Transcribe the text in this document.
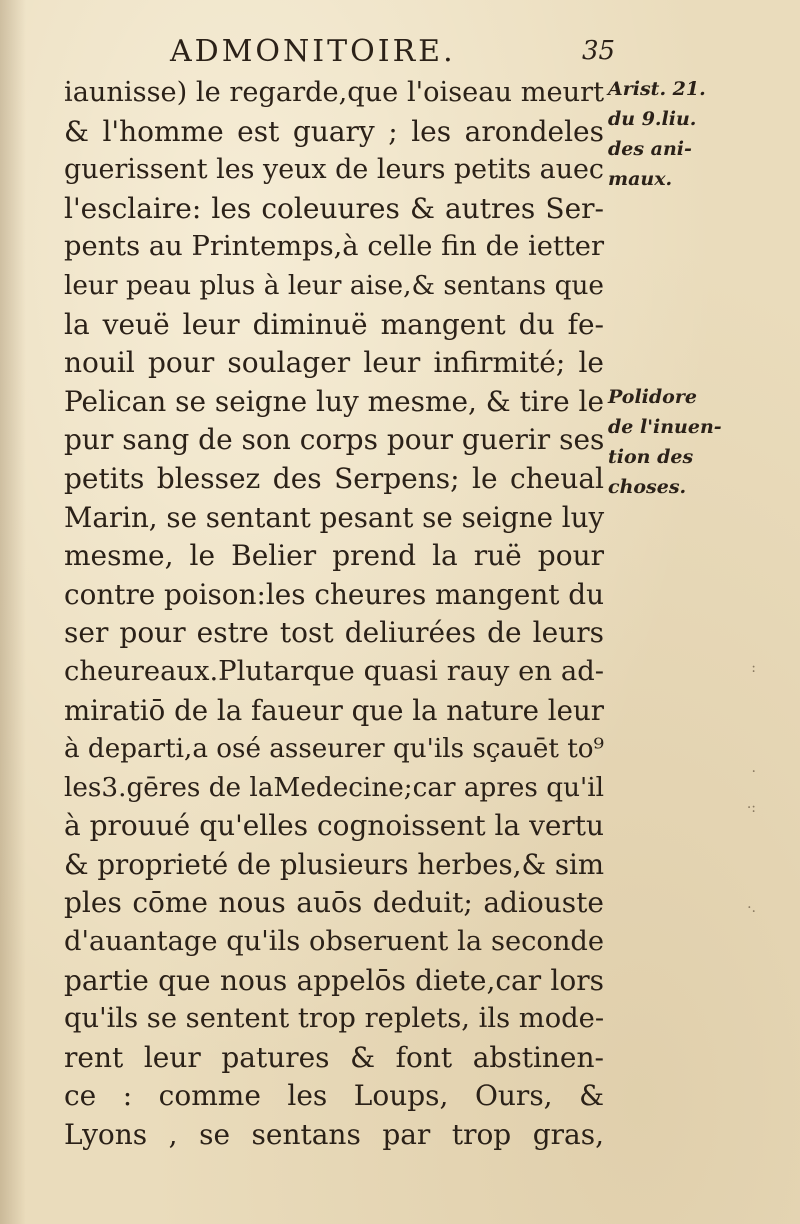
ADMONITOIRE.	35
iaunisse) le regarde,que l'oiseau meurt
& l'homme est guary ; les arondeles
guerissent les yeux de leurs petits auec
l'esclaire: les coleuures & autres Ser-
pents au Printemps,à celle fin de ietter
leur peau plus à leur aise,& sentans que
la veuë leur diminuë mangent du fe-
nouil pour soulager leur infirmité; le
Pelican se seigne luy mesme, & tire le
pur sang de son corps pour guerir ses
petits blessez des Serpens; le cheual
Marin, se sentant pesant se seigne luy
mesme, le Belier prend la ruë pour
contre poison:les cheures mangent du
ser pour estre tost deliurées de leurs
cheureaux.Plutarque quasi rauy en ad-
miratiō de la faueur que la nature leur
à departi,a osé asseurer qu'ils sçauēt to⁹
les3.gēres de laMedecine;car apres qu'il
à prouué qu'elles cognoissent la vertu
& proprieté de plusieurs herbes,& sim
ples cōme nous auōs deduit; adiouste
d'auantage qu'ils obseruent la seconde
partie que nous appelōs diete,car lors
qu'ils se sentent trop replets, ils mode-
rent leur patures & font abstinen-
ce : comme les Loups, Ours, &
Lyons , se sentans par trop gras,
Arist. 21.
du 9.liu.
des ani-
maux.
Polidore
de l'inuen-
tion des
choses.
:
.
·:
·.
